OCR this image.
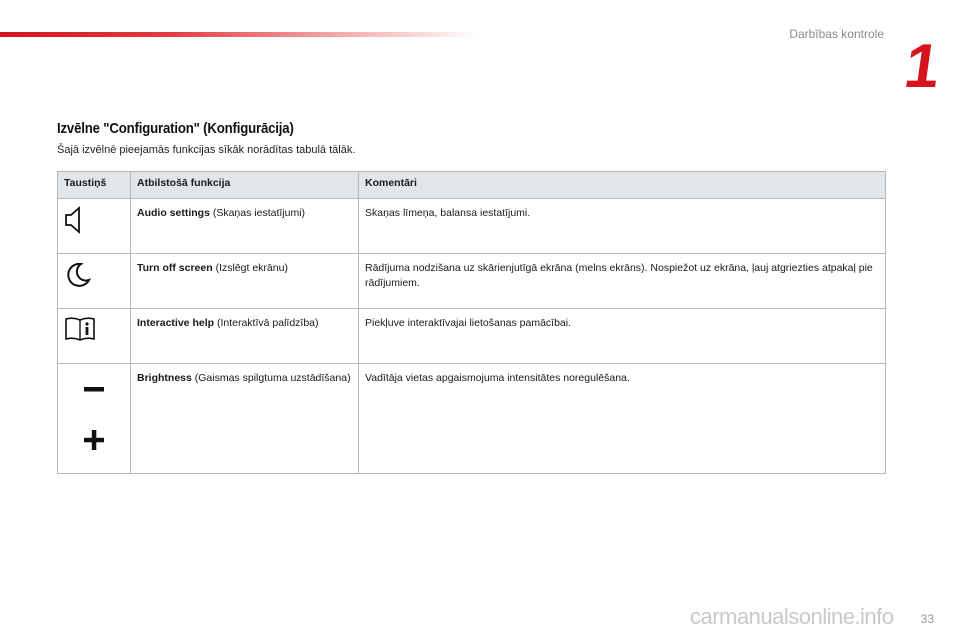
Darbības kontrole 1
Izvēlne "Configuration" (Konfigurācija)
Šajā izvēlnē pieejamās funkcijas sīkāk norādītas tabulā tālāk.
Taustiņš	Atbilstošā funkcija	Komentāri
	Audio settings (Skaņas iestatījumi)	Skaņas līmeņa, balansa iestatījumi.
	Turn off screen (Izslēgt ekrānu)	Rādījuma nodzišana uz skārienjutīgā ekrāna (melns ekrāns). Nospiežot uz ekrāna, ļauj atgriezties atpakaļ pie rādījumiem.
	Interactive help (Interaktīvā palīdzība)	Piekļuve interaktīvajai lietošanas pamācībai.

	Brightness (Gaismas spilgtuma uzstādīšana)	Vadītāja vietas apgaismojuma intensitātes noregulēšana.
carmanualsonline.info 33
